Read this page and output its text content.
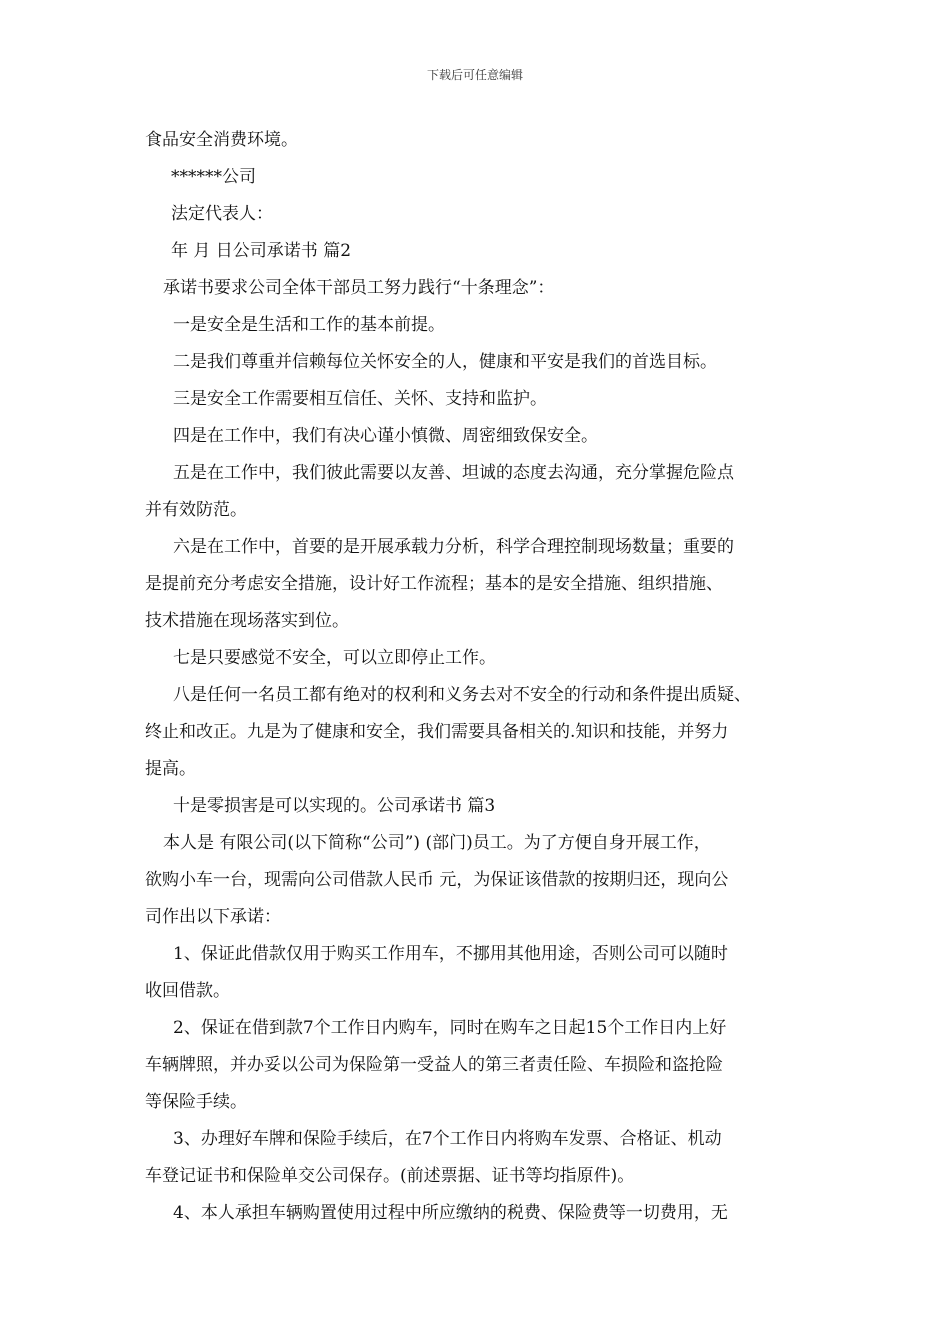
下载后可任意编辑
食品安全消费环境。
******公司
法定代表人：
年 月 日公司承诺书 篇2
承诺书要求公司全体干部员工努力践行“十条理念”：
一是安全是生活和工作的基本前提。
二是我们尊重并信赖每位关怀安全的人，健康和平安是我们的首选目标。
三是安全工作需要相互信任、关怀、支持和监护。
四是在工作中，我们有决心谨小慎微、周密细致保安全。
五是在工作中，我们彼此需要以友善、坦诚的态度去沟通，充分掌握危险点
并有效防范。
六是在工作中，首要的是开展承载力分析，科学合理控制现场数量；重要的
是提前充分考虑安全措施，设计好工作流程；基本的是安全措施、组织措施、
技术措施在现场落实到位。
七是只要感觉不安全，可以立即停止工作。
八是任何一名员工都有绝对的权利和义务去对不安全的行动和条件提出质疑、
终止和改正。九是为了健康和安全，我们需要具备相关的.知识和技能，并努力
提高。
十是零损害是可以实现的。公司承诺书 篇3
本人是 有限公司(以下简称“公司”) (部门)员工。为了方便自身开展工作，
欲购小车一台，现需向公司借款人民币 元，为保证该借款的按期归还，现向公
司作出以下承诺：
1、保证此借款仅用于购买工作用车，不挪用其他用途，否则公司可以随时
收回借款。
2、保证在借到款7个工作日内购车，同时在购车之日起15个工作日内上好
车辆牌照，并办妥以公司为保险第一受益人的第三者责任险、车损险和盗抢险
等保险手续。
3、办理好车牌和保险手续后，在7个工作日内将购车发票、合格证、机动
车登记证书和保险单交公司保存。(前述票据、证书等均指原件)。
4、本人承担车辆购置使用过程中所应缴纳的税费、保险费等一切费用，无
